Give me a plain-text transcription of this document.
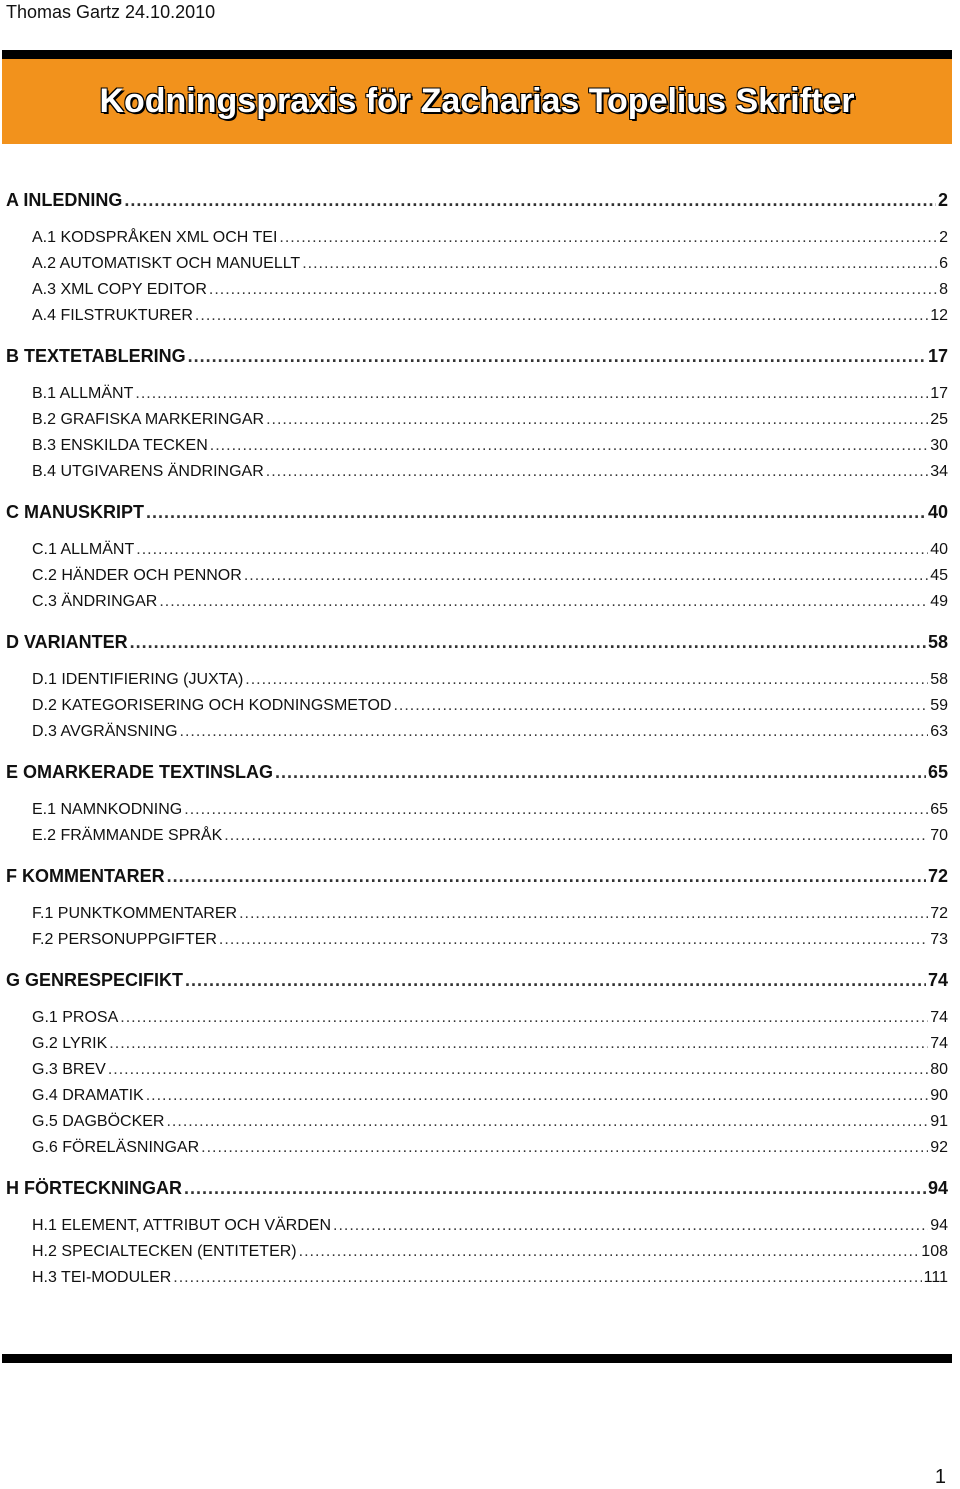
Thomas Gartz 24.10.2010
Kodningspraxis för Zacharias Topelius Skrifter
A INLEDNING .....	2
A.1 KODSPRÅKEN XML OCH TEI .....	2
A.2 AUTOMATISKT OCH MANUELLT .....	6
A.3 XML COPY EDITOR .....	8
A.4 FILSTRUKTURER .....	12
B TEXTETABLERING .....	17
B.1 ALLMÄNT .....	17
B.2 GRAFISKA MARKERINGAR .....	25
B.3 ENSKILDA TECKEN .....	30
B.4 UTGIVARENS ÄNDRINGAR .....	34
C MANUSKRIPT .....	40
C.1 ALLMÄNT .....	40
C.2 HÄNDER OCH PENNOR .....	45
C.3 ÄNDRINGAR .....	49
D VARIANTER .....	58
D.1 IDENTIFIERING (JUXTA) .....	58
D.2 KATEGORISERING OCH KODNINGSMETOD .....	59
D.3 AVGRÄNSNING .....	63
E OMARKERADE TEXTINSLAG .....	65
E.1 NAMNKODNING .....	65
E.2 FRÄMMANDE SPRÅK .....	70
F KOMMENTARER .....	72
F.1 PUNKTKOMMENTARER .....	72
F.2 PERSONUPPGIFTER .....	73
G GENRESPECIFIKT .....	74
G.1 PROSA .....	74
G.2 LYRIK .....	74
G.3 BREV .....	80
G.4 DRAMATIK .....	90
G.5 DAGBÖCKER .....	91
G.6 FÖRELÄSNINGAR .....	92
H FÖRTECKNINGAR .....	94
H.1 ELEMENT, ATTRIBUT OCH VÄRDEN .....	94
H.2 SPECIALTECKEN (ENTITETER) .....	108
H.3 TEI-MODULER .....	111
1
